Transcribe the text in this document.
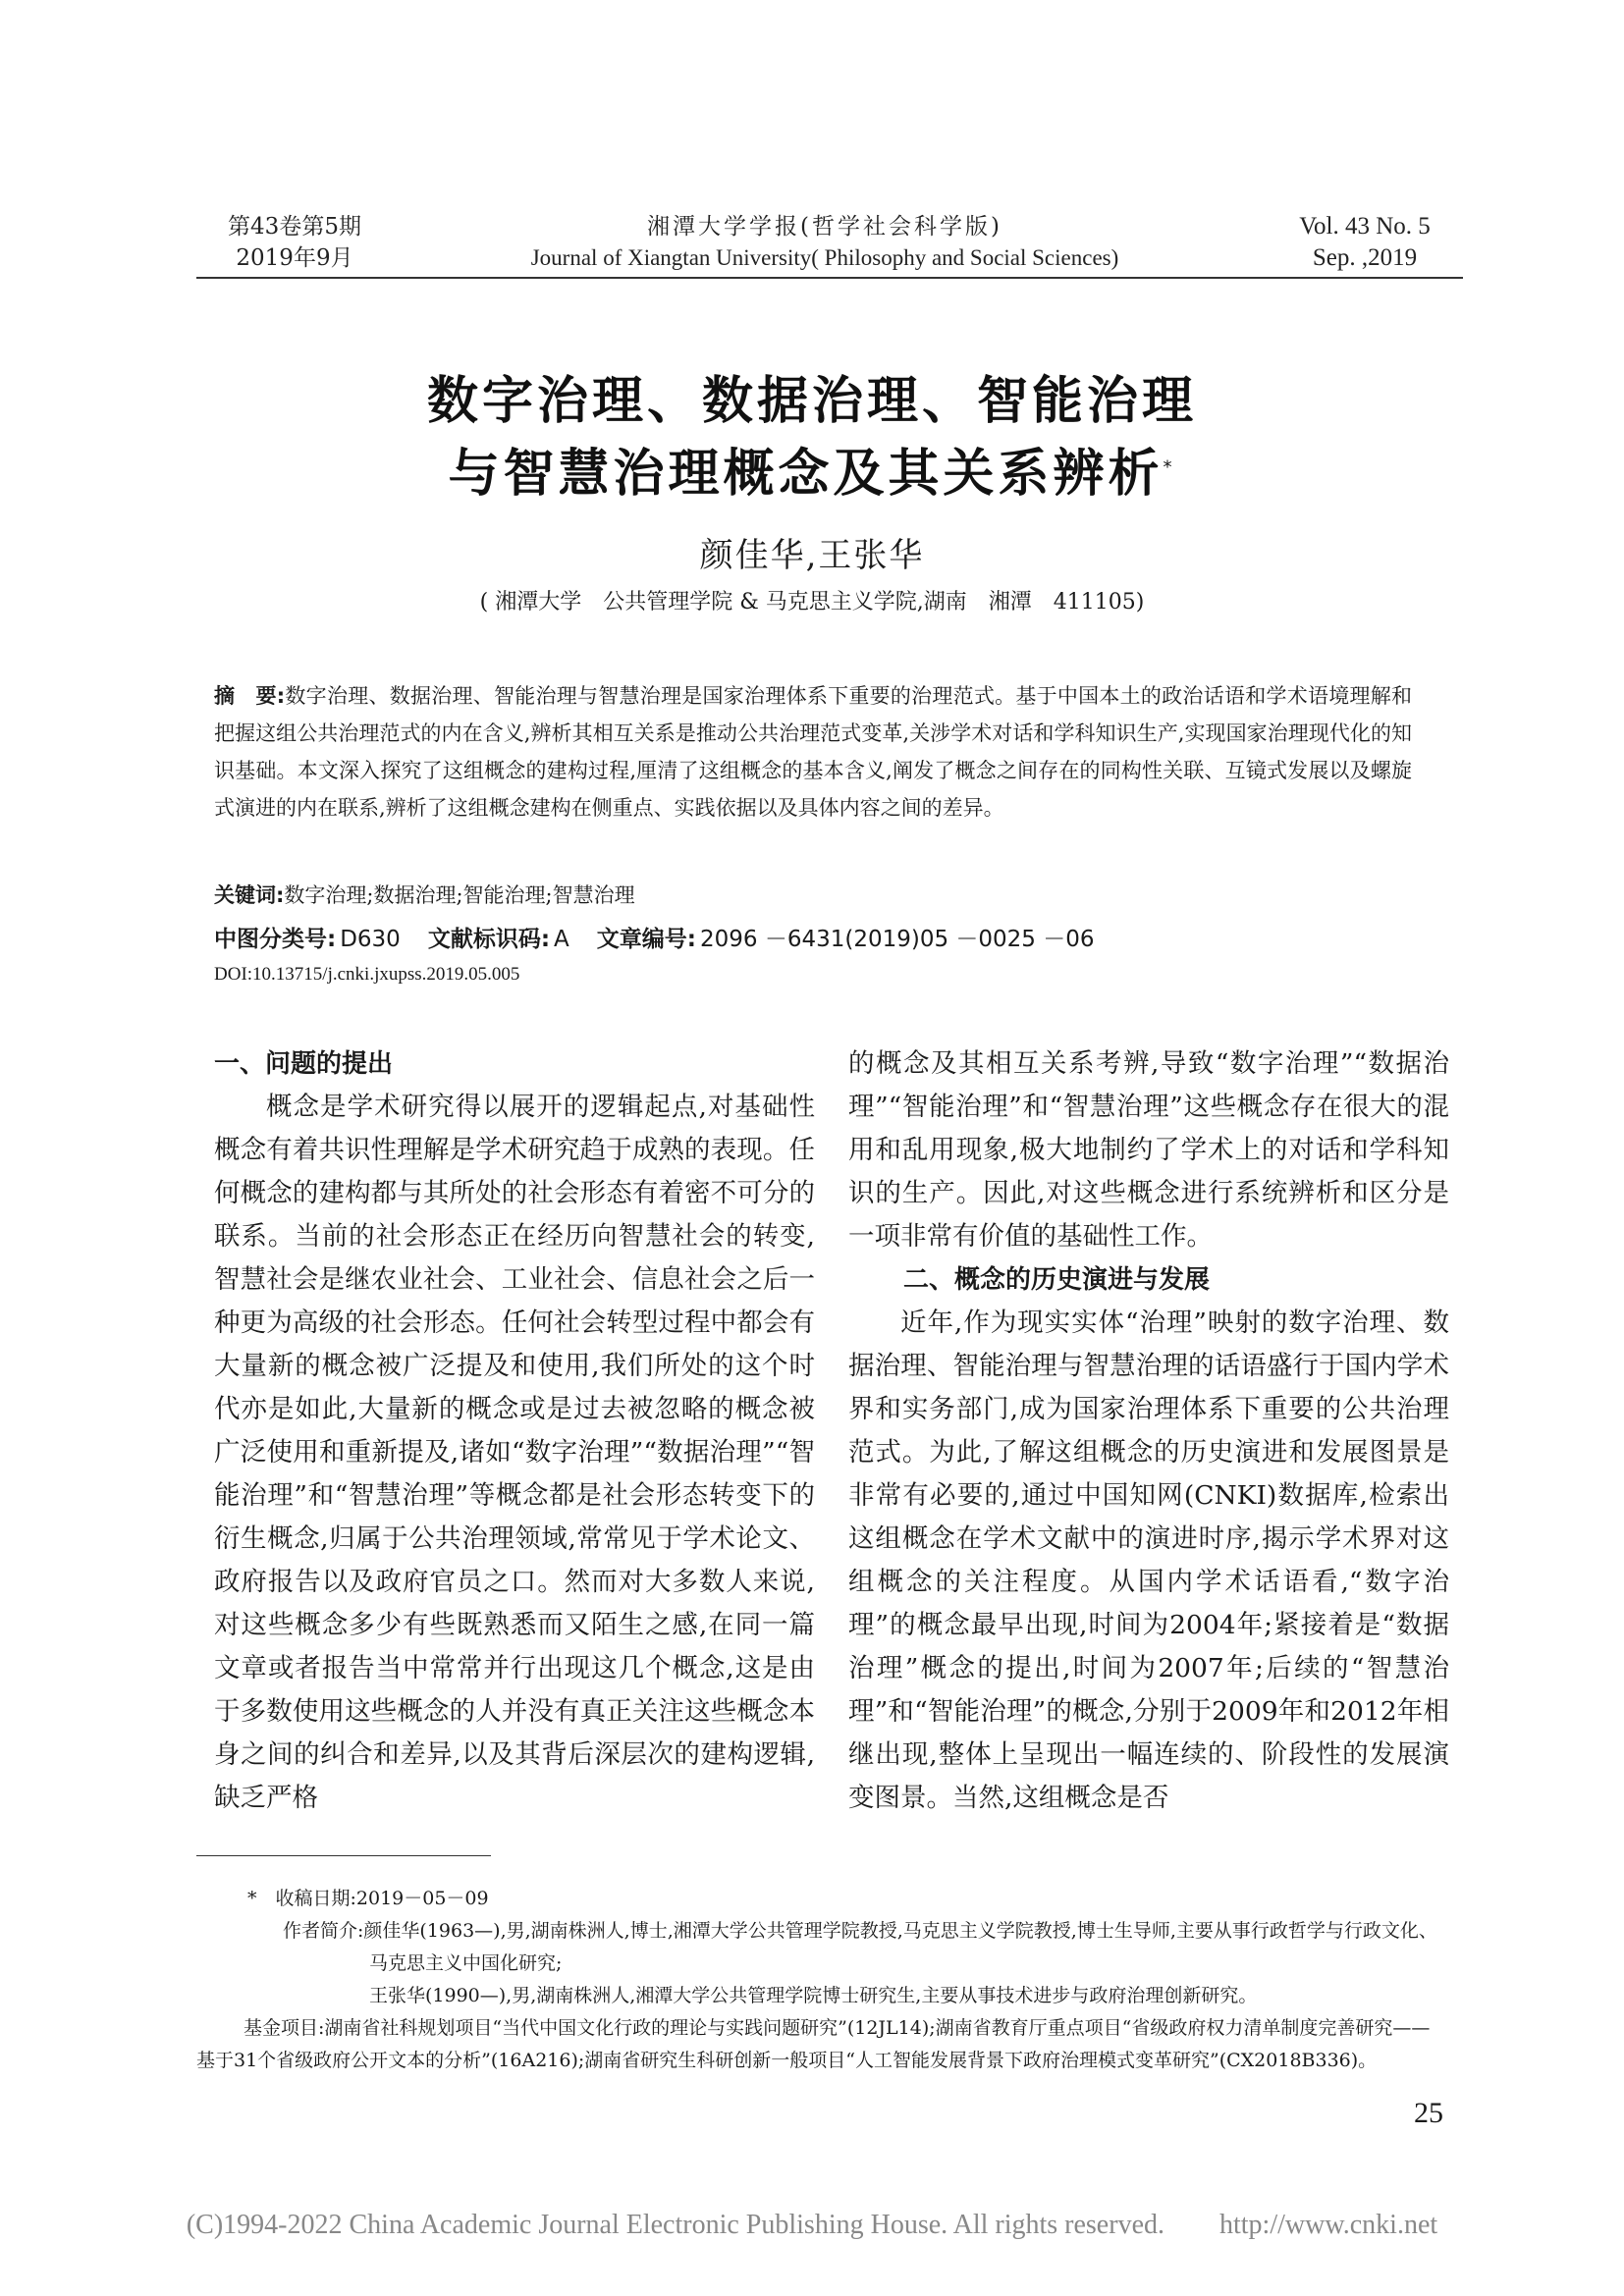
第43卷第5期
2019年9月
湘潭大学学报(哲学社会科学版)
Journal of Xiangtan University( Philosophy and Social Sciences)
Vol. 43 No. 5
Sep. ,2019
数字治理、数据治理、智能治理
与智慧治理概念及其关系辨析*
颜佳华,王张华
( 湘潭大学　公共管理学院 & 马克思主义学院,湖南　湘潭　411105)
摘　要:数字治理、数据治理、智能治理与智慧治理是国家治理体系下重要的治理范式。基于中国本土的政治话语和学术语境理解和把握这组公共治理范式的内在含义,辨析其相互关系是推动公共治理范式变革,关涉学术对话和学科知识生产,实现国家治理现代化的知识基础。本文深入探究了这组概念的建构过程,厘清了这组概念的基本含义,阐发了概念之间存在的同构性关联、互镜式发展以及螺旋式演进的内在联系,辨析了这组概念建构在侧重点、实践依据以及具体内容之间的差异。
关键词:数字治理;数据治理;智能治理;智慧治理
中图分类号: D630 文献标识码: A 文章编号: 2096 －6431(2019)05 －0025 －06
DOI:10.13715/j.cnki.jxupss.2019.05.005
一、问题的提出

概念是学术研究得以展开的逻辑起点,对基础性概念有着共识性理解是学术研究趋于成熟的表现。任何概念的建构都与其所处的社会形态有着密不可分的联系。当前的社会形态正在经历向智慧社会的转变,智慧社会是继农业社会、工业社会、信息社会之后一种更为高级的社会形态。任何社会转型过程中都会有大量新的概念被广泛提及和使用,我们所处的这个时代亦是如此,大量新的概念或是过去被忽略的概念被广泛使用和重新提及,诸如“数字治理”“数据治理”“智能治理”和“智慧治理”等概念都是社会形态转变下的衍生概念,归属于公共治理领域,常常见于学术论文、政府报告以及政府官员之口。然而对大多数人来说,对这些概念多少有些既熟悉而又陌生之感,在同一篇文章或者报告当中常常并行出现这几个概念,这是由于多数使用这些概念的人并没有真正关注这些概念本身之间的纠合和差异,以及其背后深层次的建构逻辑,缺乏严格

的概念及其相互关系考辨,导致“数字治理”“数据治理”“智能治理”和“智慧治理”这些概念存在很大的混用和乱用现象,极大地制约了学术上的对话和学科知识的生产。因此,对这些概念进行系统辨析和区分是一项非常有价值的基础性工作。

二、概念的历史演进与发展

近年,作为现实实体“治理”映射的数字治理、数据治理、智能治理与智慧治理的话语盛行于国内学术界和实务部门,成为国家治理体系下重要的公共治理范式。为此,了解这组概念的历史演进和发展图景是非常有必要的,通过中国知网(CNKI)数据库,检索出这组概念在学术文献中的演进时序,揭示学术界对这组概念的关注程度。从国内学术话语看,“数字治理”的概念最早出现,时间为2004年;紧接着是“数据治理”概念的提出,时间为2007年;后续的“智慧治理”和“智能治理”的概念,分别于2009年和2012年相继出现,整体上呈现出一幅连续的、阶段性的发展演变图景。当然,这组概念是否

*　收稿日期:2019－05－09
作者简介:颜佳华(1963—),男,湖南株洲人,博士,湘潭大学公共管理学院教授,马克思主义学院教授,博士生导师,主要从事行政哲学与行政文化、马克思主义中国化研究;
王张华(1990—),男,湖南株洲人,湘潭大学公共管理学院博士研究生,主要从事技术进步与政府治理创新研究。
基金项目:湖南省社科规划项目“当代中国文化行政的理论与实践问题研究”(12JL14);湖南省教育厅重点项目“省级政府权力清单制度完善研究——基于31个省级政府公开文本的分析”(16A216);湖南省研究生科研创新一般项目“人工智能发展背景下政府治理模式变革研究”(CX2018B336)。
25
(C)1994-2022 China Academic Journal Electronic Publishing House. All rights reserved.　　http://www.cnki.net
